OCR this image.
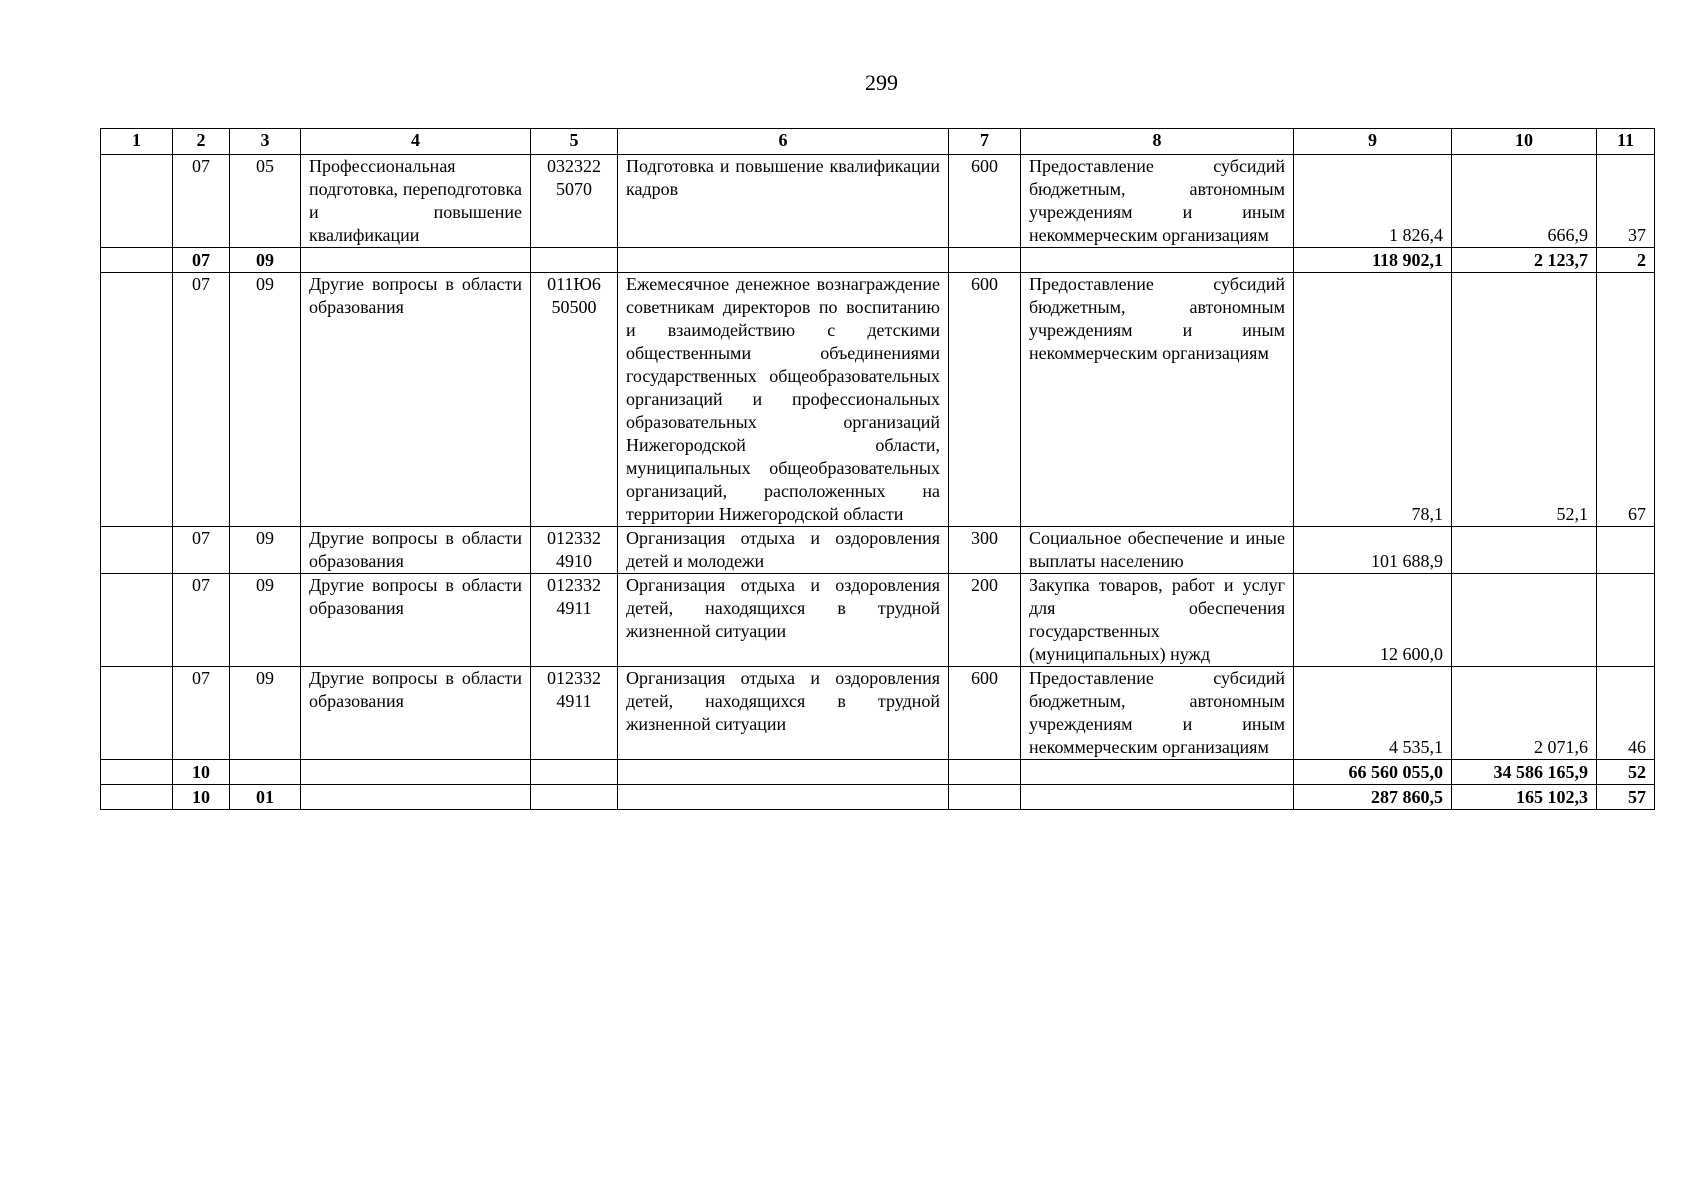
299
1	2	3	4	5	6	7	8	9	10	11
	07	05	Профессиональная подготовка, переподготовка и повышение квалификации	032322 5070	Подготовка и повышение квалификации кадров	600	Предоставление субсидий бюджетным, автономным учреждениям и иным некоммерческим организациям	1 826,4	666,9	37
	07	09						118 902,1	2 123,7	2
	07	09	Другие вопросы в области образования	011Ю6 50500	Ежемесячное денежное вознаграждение советникам директоров по воспитанию и взаимодействию с детскими общественными объединениями государственных общеобразовательных организаций и профессиональных образовательных организаций Нижегородской области, муниципальных общеобразовательных организаций, расположенных на территории Нижегородской области	600	Предоставление субсидий бюджетным, автономным учреждениям и иным некоммерческим организациям	78,1	52,1	67
	07	09	Другие вопросы в области образования	012332 4910	Организация отдыха и оздоровления детей и молодежи	300	Социальное обеспечение и иные выплаты населению	101 688,9		
	07	09	Другие вопросы в области образования	012332 4911	Организация отдыха и оздоровления детей, находящихся в трудной жизненной ситуации	200	Закупка товаров, работ и услуг для обеспечения государственных (муниципальных) нужд	12 600,0		
	07	09	Другие вопросы в области образования	012332 4911	Организация отдыха и оздоровления детей, находящихся в трудной жизненной ситуации	600	Предоставление субсидий бюджетным, автономным учреждениям и иным некоммерческим организациям	4 535,1	2 071,6	46
	10							66 560 055,0	34 586 165,9	52
	10	01						287 860,5	165 102,3	57
